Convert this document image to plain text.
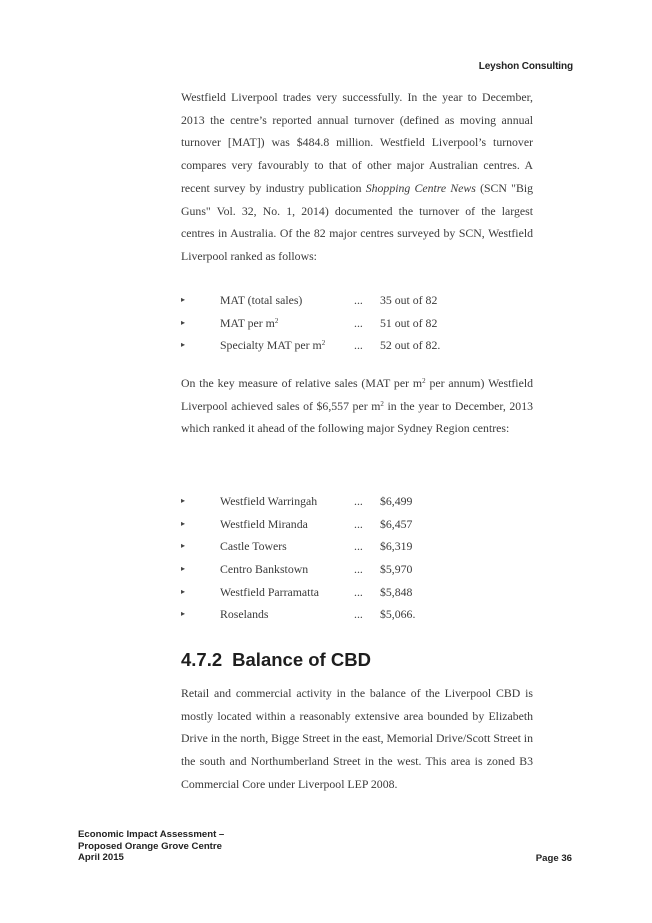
Leyshon Consulting

Westfield Liverpool trades very successfully. In the year to December, 2013 the centre’s reported annual turnover (defined as moving annual turnover [MAT]) was $484.8 million. Westfield Liverpool’s turnover compares very favourably to that of other major Australian centres. A recent survey by industry publication Shopping Centre News (SCN "Big Guns" Vol. 32, No. 1, 2014) documented the turnover of the largest centres in Australia. Of the 82 major centres surveyed by SCN, Westfield Liverpool ranked as follows:

▸	MAT (total sales)	... 35 out of 82
▸	MAT per $m^2$	... 51 out of 82
▸	Specialty MAT per $m^2$ ... 52 out of 82.

On the key measure of relative sales (MAT per $m^2$ per annum) Westfield Liverpool achieved sales of $6,557 per $m^2$ in the year to December, 2013 which ranked it ahead of the following major Sydney Region centres:

▸	Westfield Warringah	... $6,499
▸	Westfield Miranda	... $6,457
▸	Castle Towers	... $6,319
▸	Centro Bankstown	... $5,970
▸	Westfield Parramatta	... $5,848
▸	Roselands	... $5,066.
4.7.2 Balance of CBD

Retail and commercial activity in the balance of the Liverpool CBD is mostly located within a reasonably extensive area bounded by Elizabeth Drive in the north, Bigge Street in the east, Memorial Drive/Scott Street in the south and Northumberland Street in the west. This area is zoned B3 Commercial Core under Liverpool LEP 2008.

Economic Impact Assessment –
Proposed Orange Grove Centre
April 2015	Page 36
